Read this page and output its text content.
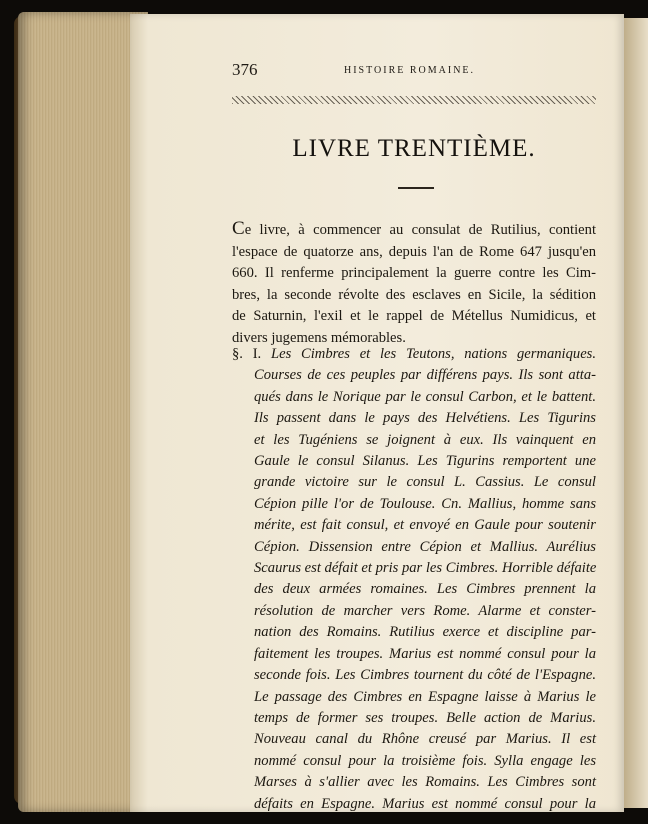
376	HISTOIRE ROMAINE.
LIVRE TRENTIÈME.
Ce livre, à commencer au consulat de Rutilius, contient
l'espace de quatorze ans, depuis l'an de Rome 647 jusqu'en
660. Il renferme principalement la guerre contre les Cim-
bres, la seconde révolte des esclaves en Sicile, la sédition
de Saturnin, l'exil et le rappel de Métellus Numidicus, et
divers jugemens mémorables.
§. I. Les Cimbres et les Teutons, nations germaniques.
Courses de ces peuples par différens pays. Ils sont atta-
qués dans le Norique par le consul Carbon, et le battent.
Ils passent dans le pays des Helvétiens. Les Tigurins
et les Tugéniens se joignent à eux. Ils vainquent en
Gaule le consul Silanus. Les Tigurins remportent une
grande victoire sur le consul L. Cassius. Le consul
Cépion pille l'or de Toulouse. Cn. Mallius, homme sans
mérite, est fait consul, et envoyé en Gaule pour soutenir
Cépion. Dissension entre Cépion et Mallius. Aurélius
Scaurus est défait et pris par les Cimbres. Horrible défaite
des deux armées romaines. Les Cimbres prennent la
résolution de marcher vers Rome. Alarme et conster-
nation des Romains. Rutilius exerce et discipline par-
faitement les troupes. Marius est nommé consul pour la
seconde fois. Les Cimbres tournent du côté de l'Espagne.
Le passage des Cimbres en Espagne laisse à Marius le
temps de former ses troupes. Belle action de Marius.
Nouveau canal du Rhône creusé par Marius. Il est
nommé consul pour la troisième fois. Sylla engage les
Marses à s'allier avec les Romains. Les Cimbres sont
défaits en Espagne. Marius est nommé consul pour la
